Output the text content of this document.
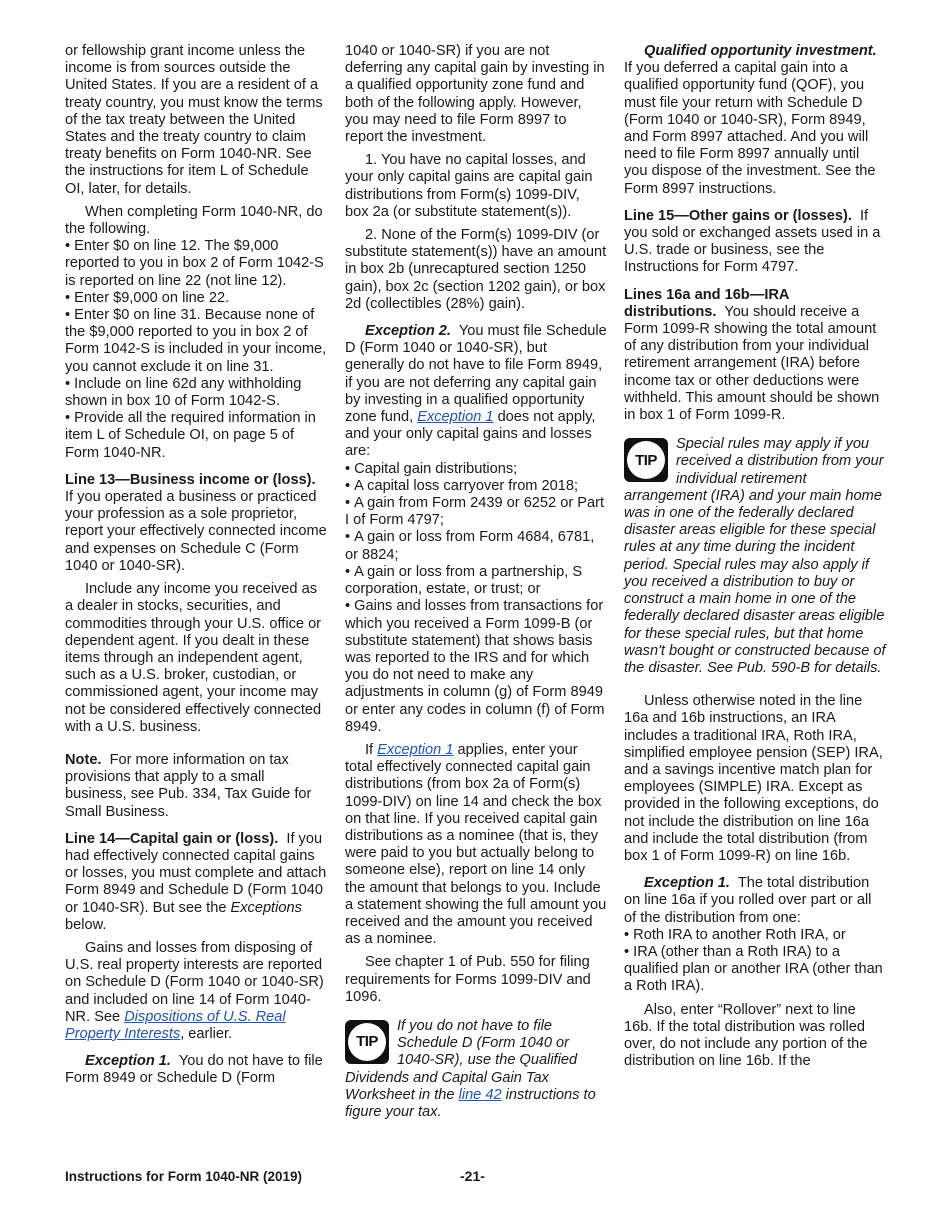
or fellowship grant income unless the income is from sources outside the United States. If you are a resident of a treaty country, you must know the terms of the tax treaty between the United States and the treaty country to claim treaty benefits on Form 1040-NR. See the instructions for item L of Schedule OI, later, for details.

When completing Form 1040-NR, do the following.

• Enter $0 on line 12. The $9,000 reported to you in box 2 of Form 1042-S is reported on line 22 (not line 12).

• Enter $9,000 on line 22.

• Enter $0 on line 31. Because none of the $9,000 reported to you in box 2 of Form 1042-S is included in your income, you cannot exclude it on line 31.

• Include on line 62d any withholding shown in box 10 of Form 1042-S.

• Provide all the required information in item L of Schedule OI, on page 5 of Form 1040-NR.

Line 13—Business income or (loss).  If you operated a business or practiced your profession as a sole proprietor, report your effectively connected income and expenses on Schedule C (Form 1040 or 1040-SR).

Include any income you received as a dealer in stocks, securities, and commodities through your U.S. office or dependent agent. If you dealt in these items through an independent agent, such as a U.S. broker, custodian, or commissioned agent, your income may not be considered effectively connected with a U.S. business.

Note. For more information on tax provisions that apply to a small business, see Pub. 334, Tax Guide for Small Business.

Line 14—Capital gain or (loss). If you had effectively connected capital gains or losses, you must complete and attach Form 8949 and Schedule D (Form 1040 or 1040-SR). But see the Exceptions below.

Gains and losses from disposing of U.S. real property interests are reported on Schedule D (Form 1040 or 1040-SR) and included on line 14 of Form 1040-NR. See Dispositions of U.S. Real Property Interests, earlier.

Exception 1. You do not have to file Form 8949 or Schedule D (Form

1040 or 1040-SR) if you are not deferring any capital gain by investing in a qualified opportunity zone fund and both of the following apply. However, you may need to file Form 8997 to report the investment.

1. You have no capital losses, and your only capital gains are capital gain distributions from Form(s) 1099-DIV, box 2a (or substitute statement(s)).

2. None of the Form(s) 1099-DIV (or substitute statement(s)) have an amount in box 2b (unrecaptured section 1250 gain), box 2c (section 1202 gain), or box 2d (collectibles (28%) gain).

Exception 2. You must file Schedule D (Form 1040 or 1040-SR), but generally do not have to file Form 8949, if you are not deferring any capital gain by investing in a qualified opportunity zone fund, Exception 1 does not apply, and your only capital gains and losses are:

• Capital gain distributions;

• A capital loss carryover from 2018;

• A gain from Form 2439 or 6252 or Part I of Form 4797;

• A gain or loss from Form 4684, 6781, or 8824;

• A gain or loss from a partnership, S corporation, estate, or trust; or

• Gains and losses from transactions for which you received a Form 1099-B (or substitute statement) that shows basis was reported to the IRS and for which you do not need to make any adjustments in column (g) of Form 8949 or enter any codes in column (f) of Form 8949.

If Exception 1 applies, enter your total effectively connected capital gain distributions (from box 2a of Form(s) 1099-DIV) on line 14 and check the box on that line. If you received capital gain distributions as a nominee (that is, they were paid to you but actually belong to someone else), report on line 14 only the amount that belongs to you. Include a statement showing the full amount you received and the amount you received as a nominee.

See chapter 1 of Pub. 550 for filing requirements for Forms 1099-DIV and 1096.

TIP
If you do not have to file Schedule D (Form 1040 or 1040-SR), use the Qualified Dividends and Capital Gain Tax Worksheet in the line 42 instructions to figure your tax.

Qualified opportunity investment.  If you deferred a capital gain into a qualified opportunity fund (QOF), you must file your return with Schedule D (Form 1040 or 1040-SR), Form 8949, and Form 8997 attached. And you will need to file Form 8997 annually until you dispose of the investment. See the Form 8997 instructions.

Line 15—Other gains or (losses). If you sold or exchanged assets used in a U.S. trade or business, see the Instructions for Form 4797.

Lines 16a and 16b—IRA distributions. You should receive a Form 1099-R showing the total amount of any distribution from your individual retirement arrangement (IRA) before income tax or other deductions were withheld. This amount should be shown in box 1 of Form 1099-R.

TIP
Special rules may apply if you received a distribution from your individual retirement arrangement (IRA) and your main home was in one of the federally declared disaster areas eligible for these special rules at any time during the incident period. Special rules may also apply if you received a distribution to buy or construct a main home in one of the federally declared disaster areas eligible for these special rules, but that home wasn't bought or constructed because of the disaster. See Pub. 590-B for details.

Unless otherwise noted in the line 16a and 16b instructions, an IRA includes a traditional IRA, Roth IRA, simplified employee pension (SEP) IRA, and a savings incentive match plan for employees (SIMPLE) IRA. Except as provided in the following exceptions, do not include the distribution on line 16a and include the total distribution (from box 1 of Form 1099-R) on line 16b.

Exception 1. The total distribution on line 16a if you rolled over part or all of the distribution from one:

• Roth IRA to another Roth IRA, or

• IRA (other than a Roth IRA) to a qualified plan or another IRA (other than a Roth IRA).

Also, enter “Rollover” next to line 16b. If the total distribution was rolled over, do not include any portion of the distribution on line 16b. If the

Instructions for Form 1040-NR (2019)	-21-
